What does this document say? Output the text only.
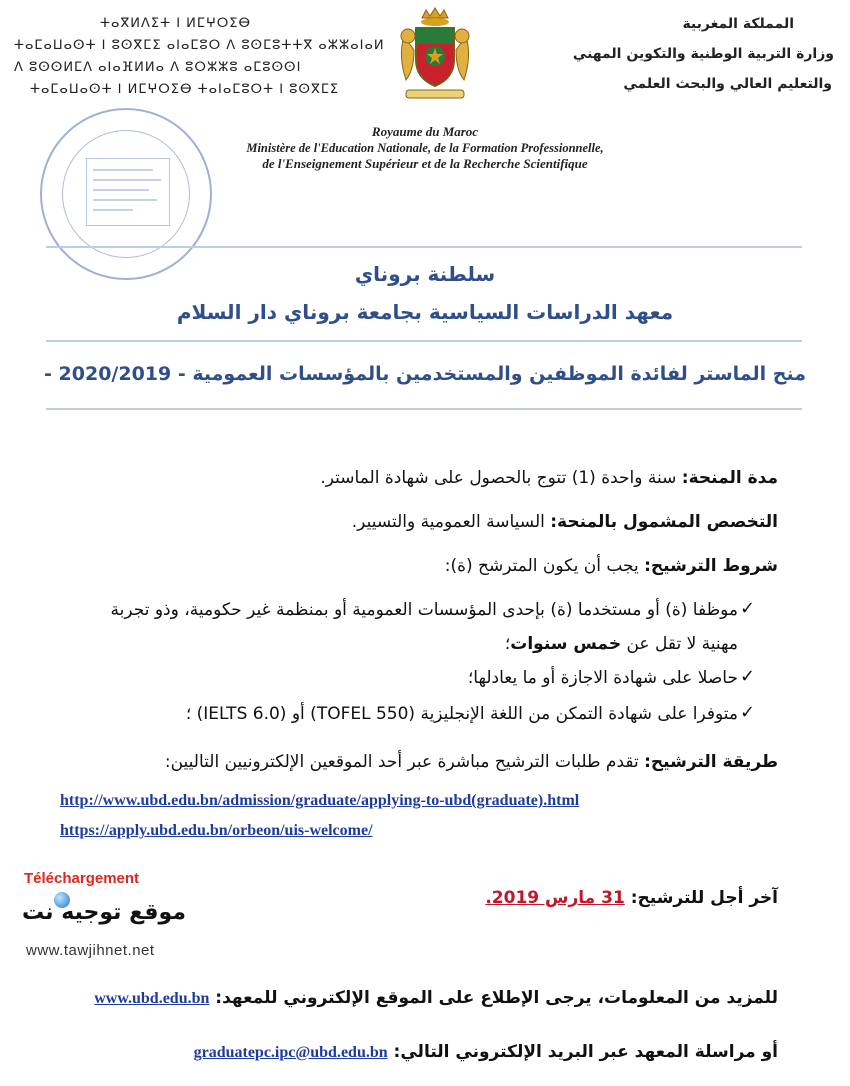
ⵜⴰⴳⵍⴷⵉⵜ ⵏ ⵍⵎⵖⵔⵉⴱ
ⵜⴰⵎⴰⵡⴰⵙⵜ ⵏ ⵓⵙⴳⵎⵉ ⴰⵏⴰⵎⵓⵔ ⴷ ⵓⵙⵎⵓⵜⵜⴳ ⴰⵣⵣⴰⵏⴰⵍ
ⴷ ⵓⵙⵙⵍⵎⴷ ⴰⵏⴰⴼⵍⵍⴰ ⴷ ⵓⵔⵣⵣⵓ ⴰⵎⵓⵙⵙⵏ
ⵜⴰⵎⴰⵡⴰⵙⵜ ⵏ ⵍⵎⵖⵔⵉⴱ ⵜⴰⵏⴰⵎⵓⵔⵜ ⵏ ⵓⵙⴳⵎⵉ
المملكة المغربية
وزارة التربية الوطنية والتكوين المهني
والتعليم العالي والبحث العلمي
Royaume du Maroc
Ministère de l'Education Nationale, de la Formation Professionnelle,
de l'Enseignement Supérieur et de la Recherche Scientifique
سلطنة بروناي
معهد الدراسات السياسية بجامعة بروناي دار السلام
منح الماستر لفائدة الموظفين والمستخدمين بالمؤسسات العمومية - 2020/2019 -
مدة المنحة: سنة واحدة (1) تتوج بالحصول على شهادة الماستر.
التخصص المشمول بالمنحة: السياسة العمومية والتسيير.
شروط الترشيح: يجب أن يكون المترشح (ة):
✓
موظفا (ة) أو مستخدما (ة) بإحدى المؤسسات العمومية أو بمنظمة غير حكومية، وذو تجربة
مهنية لا تقل عن خمس سنوات؛
✓
حاصلا على شهادة الاجازة أو ما يعادلها؛
✓
متوفرا على شهادة التمكن من اللغة الإنجليزية (TOFEL 550) أو (IELTS 6.0) ؛
طريقة الترشيح: تقدم طلبات الترشيح مباشرة عبر أحد الموقعين الإلكترونيين التاليين:
http://www.ubd.edu.bn/admission/graduate/applying-to-ubd(graduate).html
https://apply.ubd.edu.bn/orbeon/uis-welcome/
آخر أجل للترشيح: 31 مارس 2019.
للمزيد من المعلومات، يرجى الإطلاع على الموقع الإلكتروني للمعهد: www.ubd.edu.bn
أو مراسلة المعهد عبر البريد الإلكتروني التالي: graduatepc.ipc@ubd.edu.bn
Téléchargement
موقع توجيه نت
www.tawjihnet.net
